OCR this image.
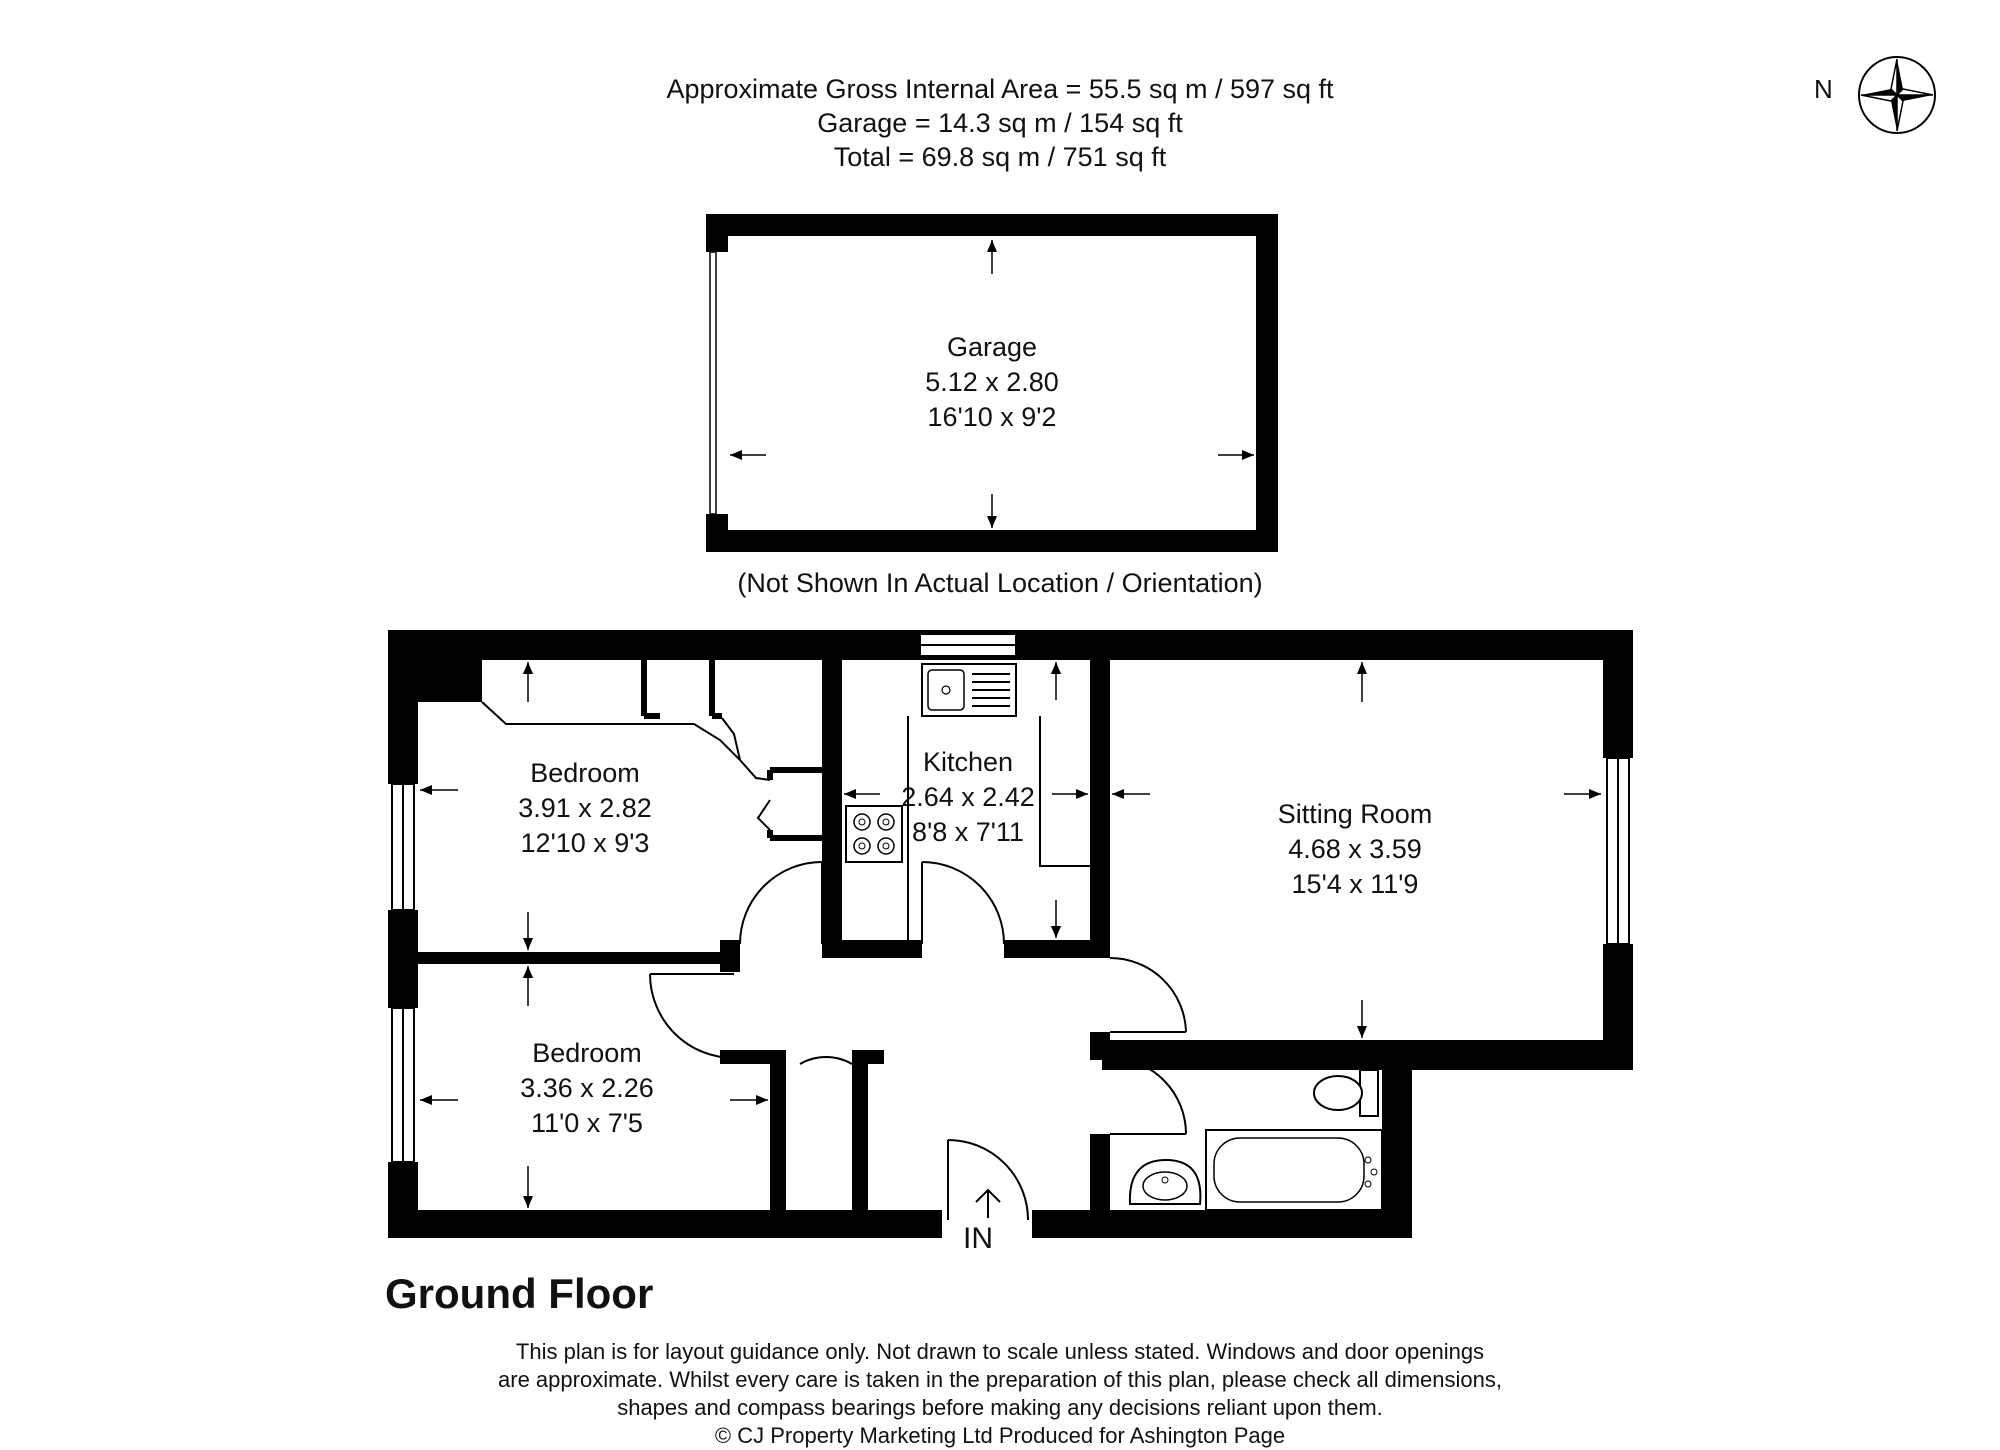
Approximate Gross Internal Area = 55.5 sq m / 597 sq ft
Garage = 14.3 sq m / 154 sq ft
Total = 69.8 sq m / 751 sq ft
N
Garage
5.12 x 2.80
16'10 x 9'2
(Not Shown In Actual Location / Orientation)
Bedroom
3.91 x 2.82
12'10 x 9'3
Kitchen
2.64 x 2.42
8'8 x 7'11
Sitting Room
4.68 x 3.59
15'4 x 11'9
Bedroom
3.36 x 2.26
11'0 x 7'5
IN
Ground Floor
This plan is for layout guidance only. Not drawn to scale unless stated. Windows and door openings
are approximate. Whilst every care is taken in the preparation of this plan, please check all dimensions,
shapes and compass bearings before making any decisions reliant upon them.
© CJ Property Marketing Ltd Produced for Ashington Page
